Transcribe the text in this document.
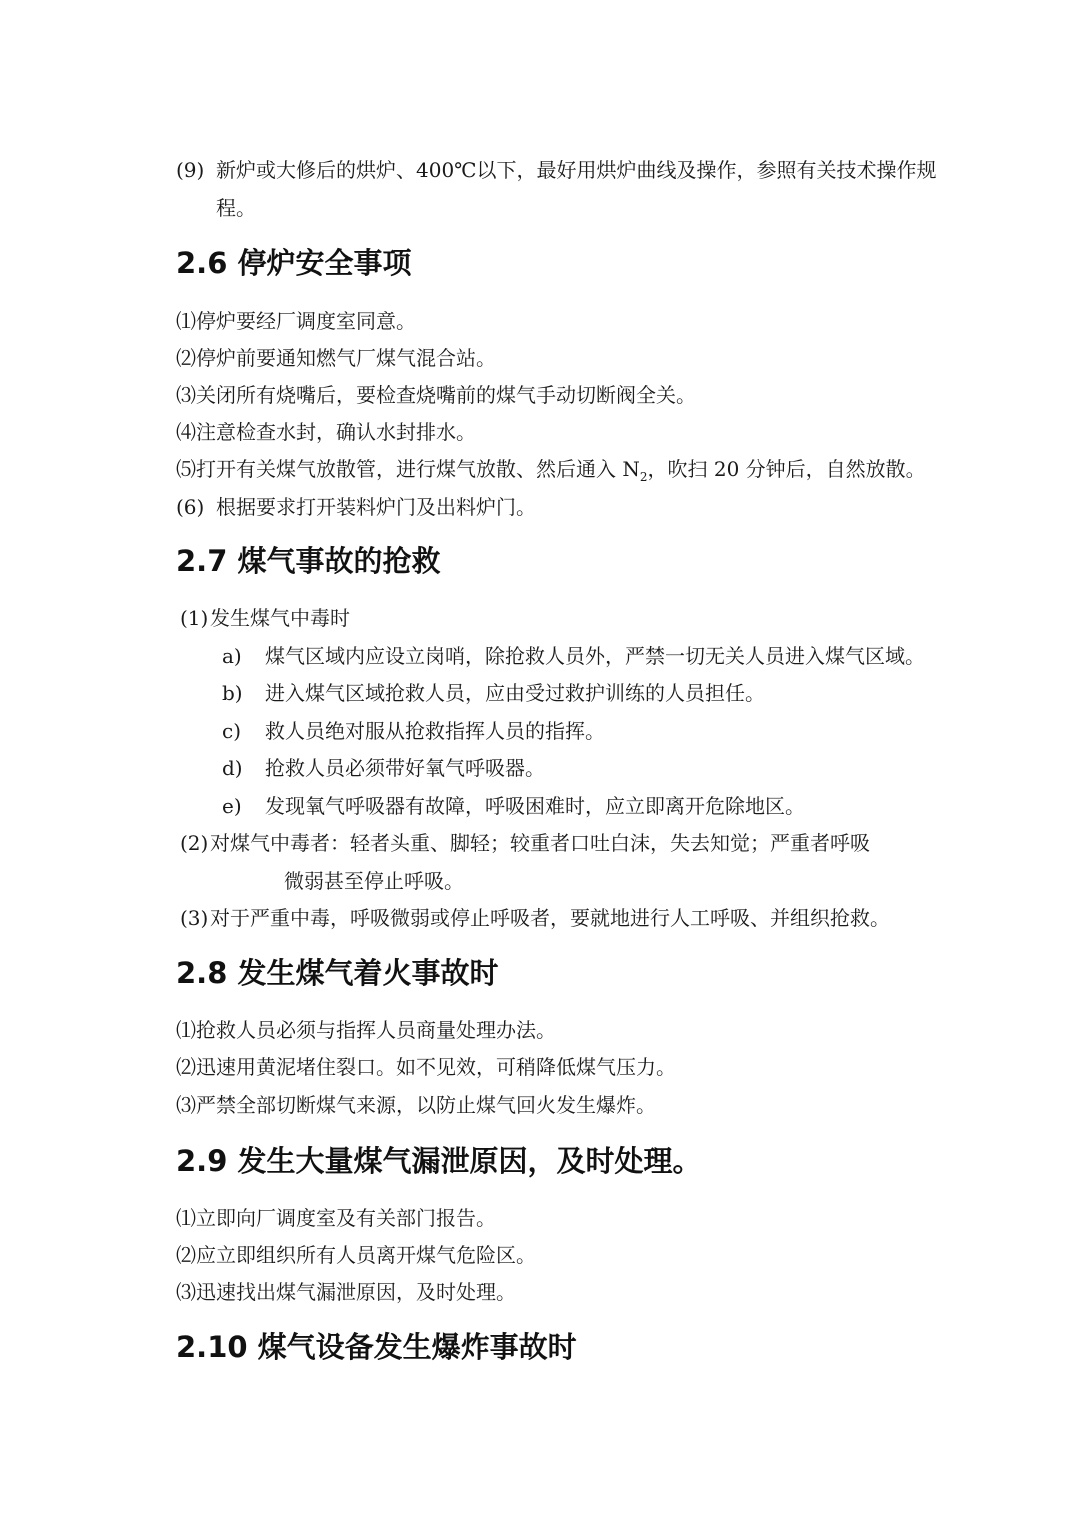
(9) 新炉或大修后的烘炉、400℃以下，最好用烘炉曲线及操作，参照有关技术操作规
程。
2.6 停炉安全事项
⑴停炉要经厂调度室同意。
⑵停炉前要通知燃气厂煤气混合站。
⑶关闭所有烧嘴后，要检查烧嘴前的煤气手动切断阀全关。
⑷注意检查水封，确认水封排水。
⑸打开有关煤气放散管，进行煤气放散、然后通入 $N_2$，吹扫 20 分钟后，自然放散。
(6) 根据要求打开装料炉门及出料炉门。
2.7 煤气事故的抢救
(1)发生煤气中毒时
a) 煤气区域内应设立岗哨，除抢救人员外，严禁一切无关人员进入煤气区域。
b) 进入煤气区域抢救人员，应由受过救护训练的人员担任。
c) 救人员绝对服从抢救指挥人员的指挥。
d) 抢救人员必须带好氧气呼吸器。
e) 发现氧气呼吸器有故障，呼吸困难时，应立即离开危除地区。
(2)对煤气中毒者：轻者头重、脚轻；较重者口吐白沫，失去知觉；严重者呼吸
微弱甚至停止呼吸。
(3)对于严重中毒，呼吸微弱或停止呼吸者，要就地进行人工呼吸、并组织抢救。
2.8 发生煤气着火事故时
⑴抢救人员必须与指挥人员商量处理办法。
⑵迅速用黄泥堵住裂口。如不见效，可稍降低煤气压力。
⑶严禁全部切断煤气来源，以防止煤气回火发生爆炸。
2.9 发生大量煤气漏泄原因，及时处理。
⑴立即向厂调度室及有关部门报告。
⑵应立即组织所有人员离开煤气危险区。
⑶迅速找出煤气漏泄原因，及时处理。
2.10 煤气设备发生爆炸事故时
